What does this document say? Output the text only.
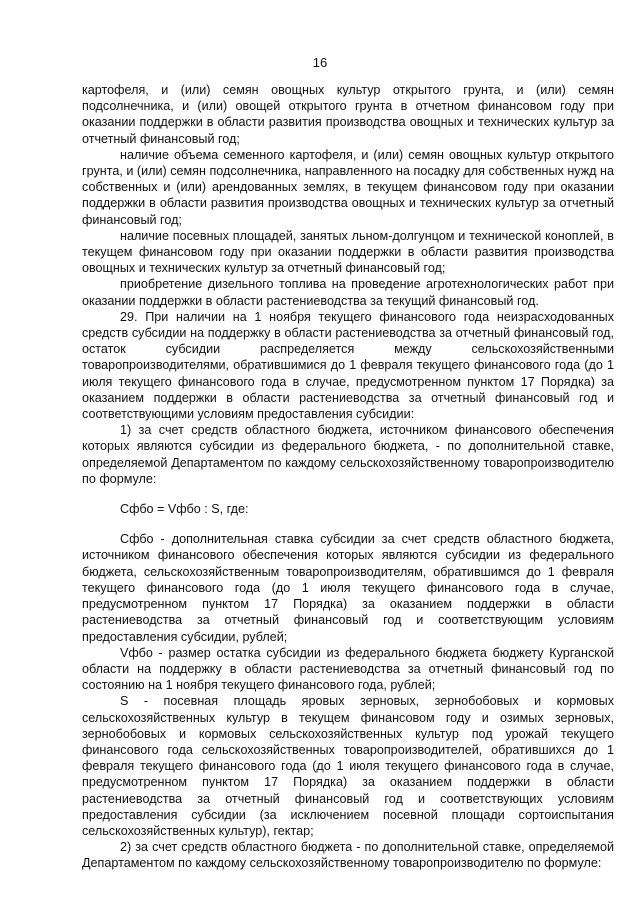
16

картофеля, и (или) семян овощных культур открытого грунта, и (или) семян подсолнечника, и (или) овощей открытого грунта в отчетном финансовом году при оказании поддержки в области развития производства овощных и технических культур за отчетный финансовый год;

наличие объема семенного картофеля, и (или) семян овощных культур открытого грунта, и (или) семян подсолнечника, направленного на посадку для собственных нужд на собственных и (или) арендованных землях, в текущем финансовом году при оказании поддержки в области развития производства овощных и технических культур за отчетный финансовый год;

наличие посевных площадей, занятых льном-долгунцом и технической коноплей, в текущем финансовом году при оказании поддержки в области развития производства овощных и технических культур за отчетный финансовый год;

приобретение дизельного топлива на проведение агротехнологических работ при оказании поддержки в области растениеводства за текущий финансовый год.

29. При наличии на 1 ноября текущего финансового года неизрасходованных средств субсидии на поддержку в области растениеводства за отчетный финансовый год, остаток субсидии распределяется между сельскохозяйственными товаропроизводителями, обратившимися до 1 февраля текущего финансового года (до 1 июля текущего финансового года в случае, предусмотренном пунктом 17 Порядка) за оказанием поддержки в области растениеводства за отчетный финансовый год и соответствующими условиям предоставления субсидии:

1) за счет средств областного бюджета, источником финансового обеспечения которых являются субсидии из федерального бюджета, - по дополнительной ставке, определяемой Департаментом по каждому сельскохозяйственному товаропроизводителю по формуле:

Сфбо = Vфбо : S, где:

Сфбо - дополнительная ставка субсидии за счет средств областного бюджета, источником финансового обеспечения которых являются субсидии из федерального бюджета, сельскохозяйственным товаропроизводителям, обратившимся до 1 февраля текущего финансового года (до 1 июля текущего финансового года в случае, предусмотренном пунктом 17 Порядка) за оказанием поддержки в области растениеводства за отчетный финансовый год и соответствующим условиям предоставления субсидии, рублей;

Vфбо - размер остатка субсидии из федерального бюджета бюджету Курганской области на поддержку в области растениеводства за отчетный финансовый год по состоянию на 1 ноября текущего финансового года, рублей;

S - посевная площадь яровых зерновых, зернобобовых и кормовых сельскохозяйственных культур в текущем финансовом году и озимых зерновых, зернобобовых и кормовых сельскохозяйственных культур под урожай текущего финансового года сельскохозяйственных товаропроизводителей, обратившихся до 1 февраля текущего финансового года (до 1 июля текущего финансового года в случае, предусмотренном пунктом 17 Порядка) за оказанием поддержки в области растениеводства за отчетный финансовый год и соответствующих условиям предоставления субсидии (за исключением посевной площади сортоиспытания сельскохозяйственных культур), гектар;

2) за счет средств областного бюджета - по дополнительной ставке, определяемой Департаментом по каждому сельскохозяйственному товаропроизводителю по формуле:
